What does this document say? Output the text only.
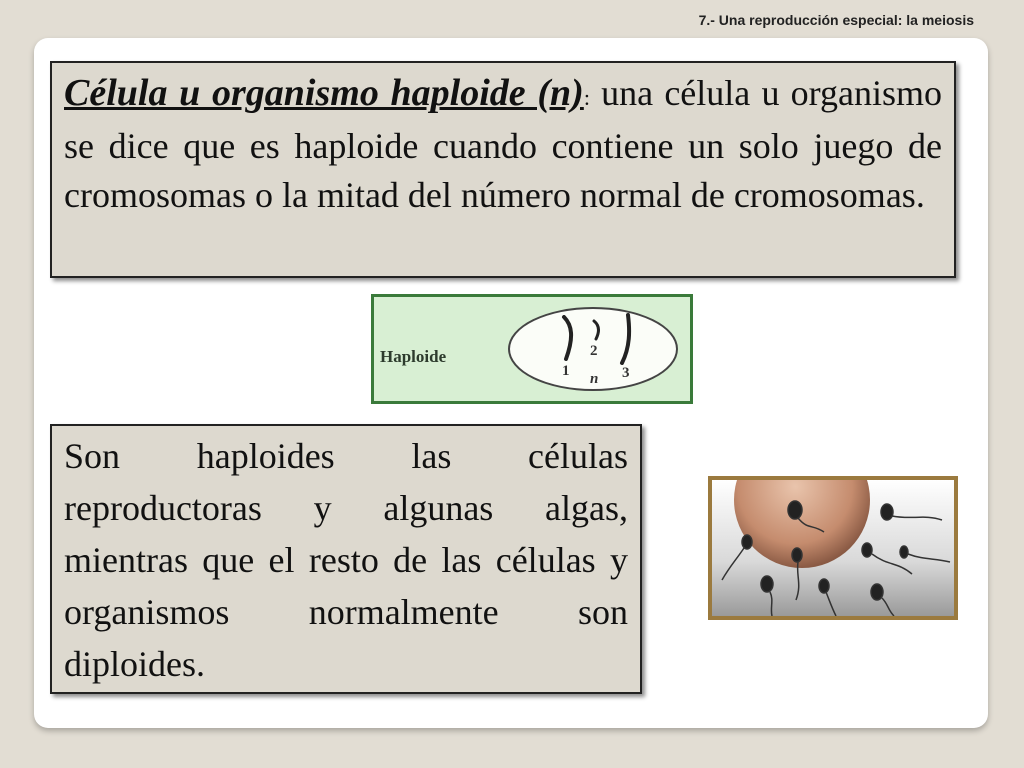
7.- Una reproducción especial: la meiosis
Célula u organismo haploide (n): una célula u organismo se dice que es haploide cuando contiene un solo juego de cromosomas o la mitad del número normal de cromosomas.
Haploide
1
2
3
n
Son haploides las células reproductoras y algunas algas, mientras que el resto de las células y organismos normalmente son diploides.
